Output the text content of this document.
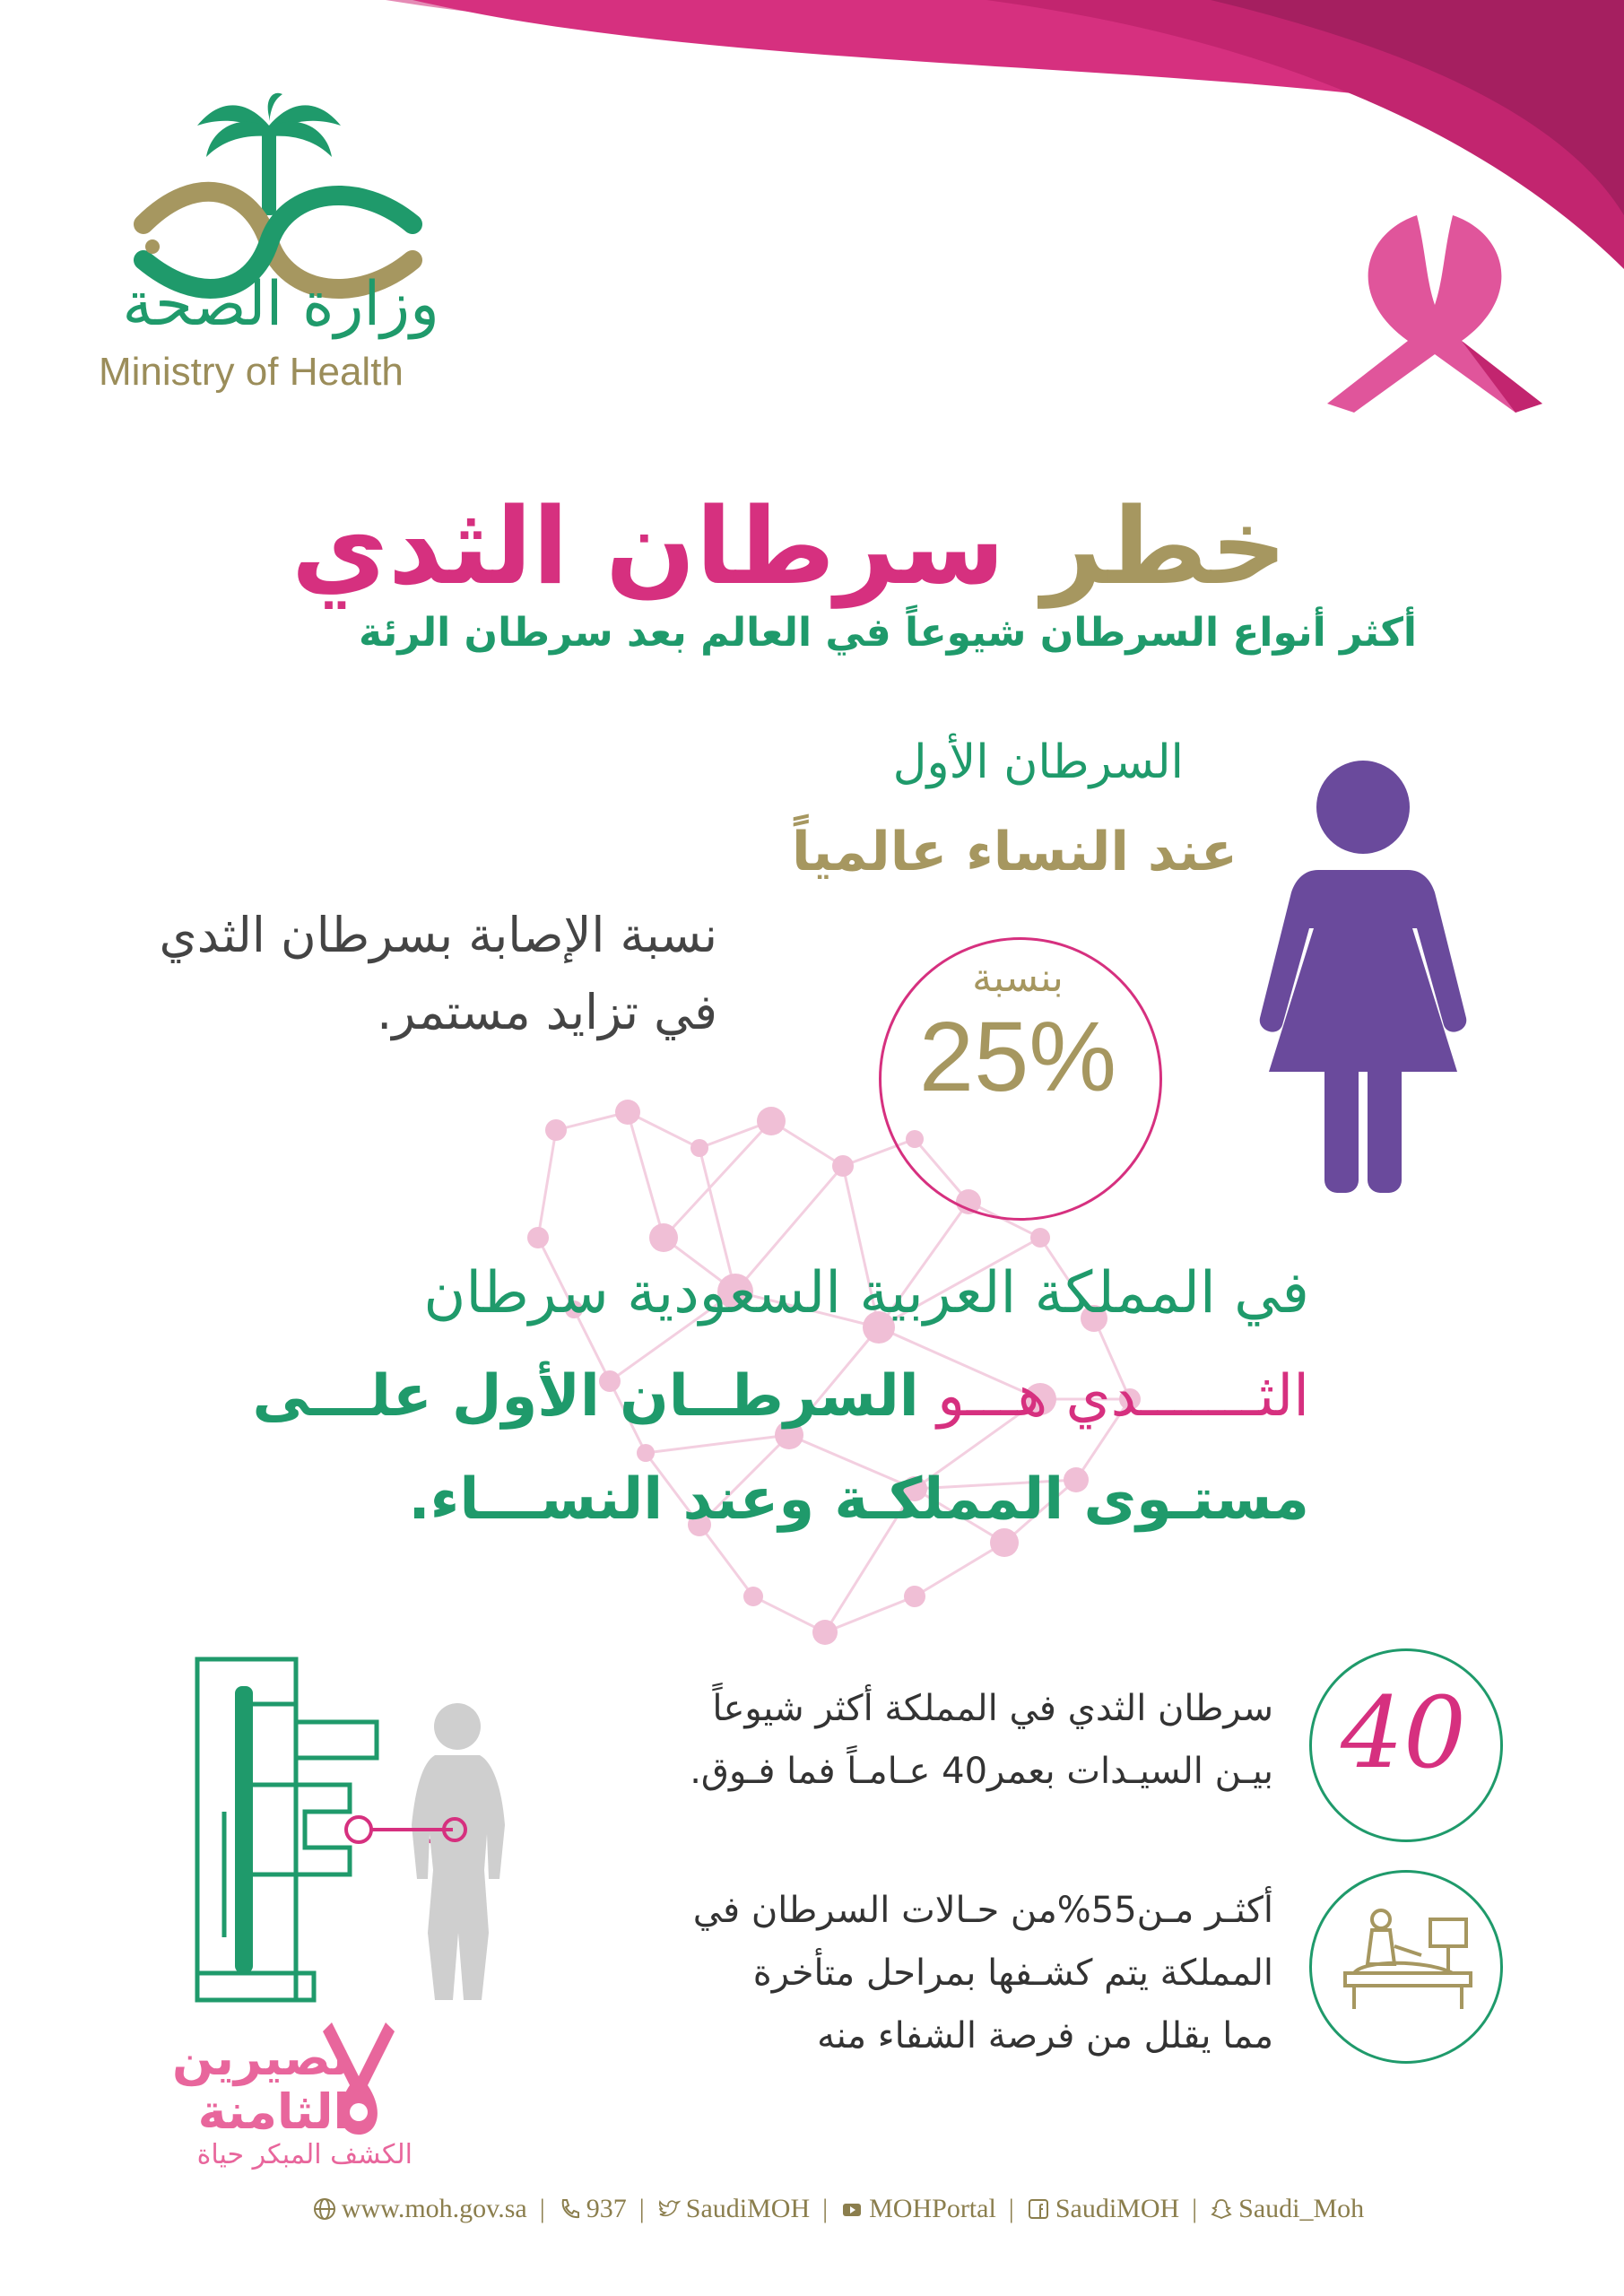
وزارة الصحة
Ministry of Health
خطر سرطان الثدي
أكثر أنواع السرطان شيوعاً في العالم بعد سرطان الرئة
السرطان الأول
عند النساء عالمياً
نسبة الإصابة بسرطان الثدي
في تزايد مستمر.
بنسبة
25%
في المملكة العربية السعودية سرطان
الثـــــــدي هـــو السرطــان الأول علـــى
مستـوى المملكـة وعند النســـاء.
40
سرطان الثدي في المملكة أكثر شيوعاً
بيـن السيـدات بعمر40 عـامـاً فما فـوق.
أكثـر مـن55%من حـالات السرطان في
المملكة يتم كشـفها بمراحل متأخرة
مما يقلل من فرصة الشفاء منه
تصيرين
الثامنة
الكشف المبكر حياة
www.moh.gov.sa | 937 | SaudiMOH | MOHPortal | SaudiMOH | Saudi_Moh
